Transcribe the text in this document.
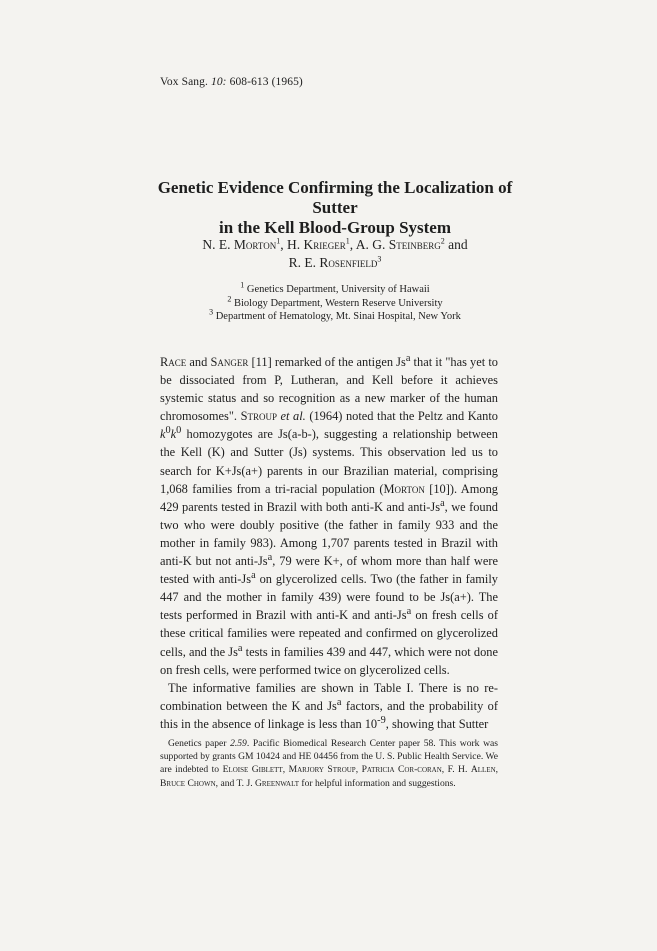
Vox Sang. 10: 608-613 (1965)
Genetic Evidence Confirming the Localization of Sutter
in the Kell Blood-Group System
N. E. Morton$^1$, H. Krieger$^1$, A. G. Steinberg$^2$ and
R. E. Rosenfield$^3$
$^1$ Genetics Department, University of Hawaii
$^2$ Biology Department, Western Reserve University
$^3$ Department of Hematology, Mt. Sinai Hospital, New York

Race and Sanger [11] remarked of the antigen Js$^a$ that it "has yet to be dissociated from P, Lutheran, and Kell before it achieves systemic status and so recognition as a new marker of the human chromosomes". Stroup et al. (1964) noted that the Peltz and Kanto $k^0k^0$ homozygotes are Js(a-b-), suggesting a relationship between the Kell (K) and Sutter (Js) systems. This observation led us to search for K+Js(a+) parents in our Brazilian material, comprising 1,068 families from a tri-racial population (Morton [10]). Among 429 parents tested in Brazil with both anti-K and anti-Js$^a$, we found two who were doubly positive (the father in family 933 and the mother in family 983). Among 1,707 parents tested in Brazil with anti-K but not anti-Js$^a$, 79 were K+, of whom more than half were tested with anti-Js$^a$ on glycerolized cells. Two (the father in family 447 and the mother in family 439) were found to be Js(a+). The tests performed in Brazil with anti-K and anti-Js$^a$ on fresh cells of these critical families were repeated and confirmed on glycerolized cells, and the Js$^a$ tests in families 439 and 447, which were not done on fresh cells, were performed twice on glycerolized cells.

The informative families are shown in Table I. There is no re-combination between the K and Js$^a$ factors, and the probability of this in the absence of linkage is less than $10^{-9}$, showing that Sutter

Genetics paper 2.59. Pacific Biomedical Research Center paper 58. This work was supported by grants GM 10424 and HE 04456 from the U. S. Public Health Service. We are indebted to Eloise Giblett, Marjory Stroup, Patricia Cor-coran, F. H. Allen, Bruce Chown, and T. J. Greenwalt for helpful information and suggestions.
